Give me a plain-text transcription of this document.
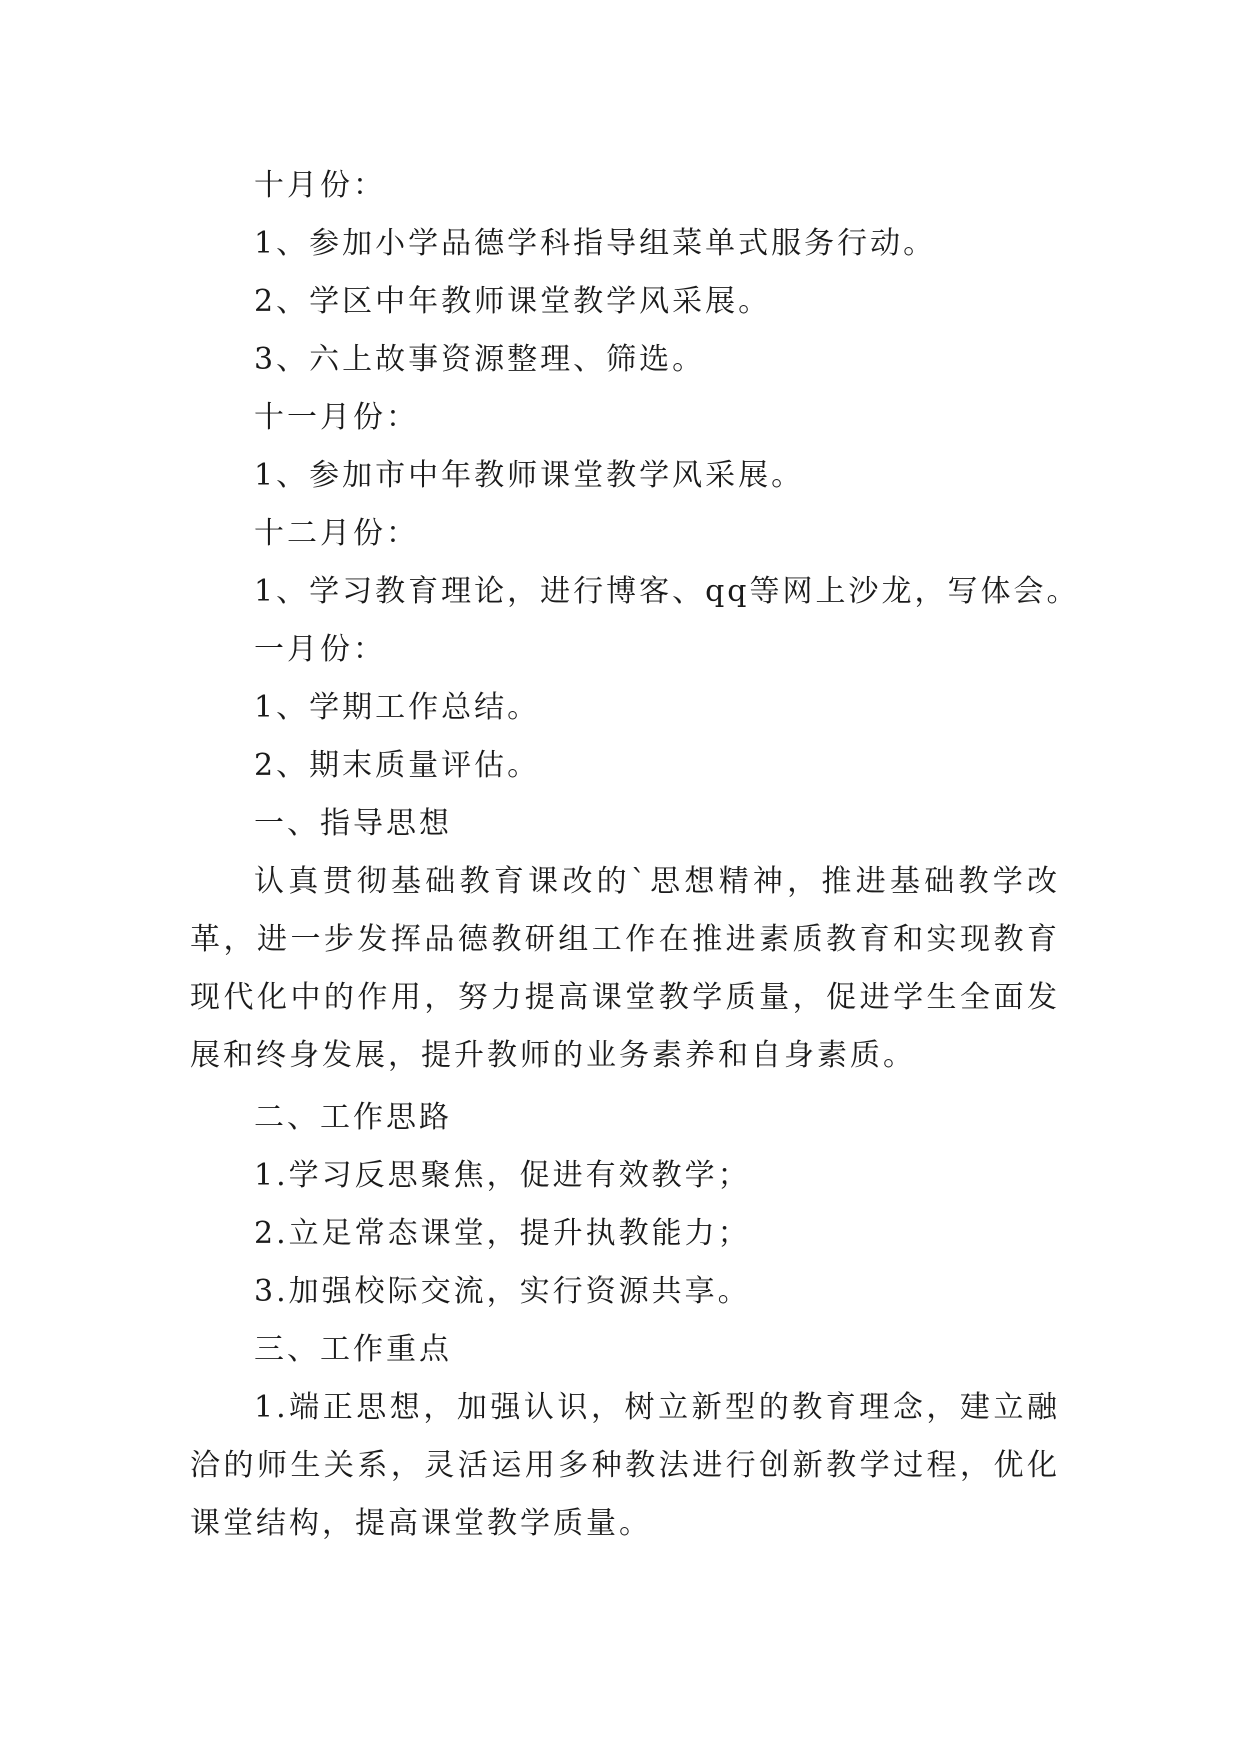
十月份：
1、参加小学品德学科指导组菜单式服务行动。
2、学区中年教师课堂教学风采展。
3、六上故事资源整理、筛选。
十一月份：
1、参加市中年教师课堂教学风采展。
十二月份：
1、学习教育理论，进行博客、qq等网上沙龙，写体会。
一月份：
1、学期工作总结。
2、期末质量评估。
一、指导思想
认真贯彻基础教育课改的`思想精神，推进基础教学改革，进一步发挥品德教研组工作在推进素质教育和实现教育现代化中的作用，努力提高课堂教学质量，促进学生全面发展和终身发展，提升教师的业务素养和自身素质。
二、工作思路
1.学习反思聚焦，促进有效教学；
2.立足常态课堂，提升执教能力；
3.加强校际交流，实行资源共享。
三、工作重点
1.端正思想，加强认识，树立新型的教育理念，建立融洽的师生关系，灵活运用多种教法进行创新教学过程，优化课堂结构，提高课堂教学质量。
